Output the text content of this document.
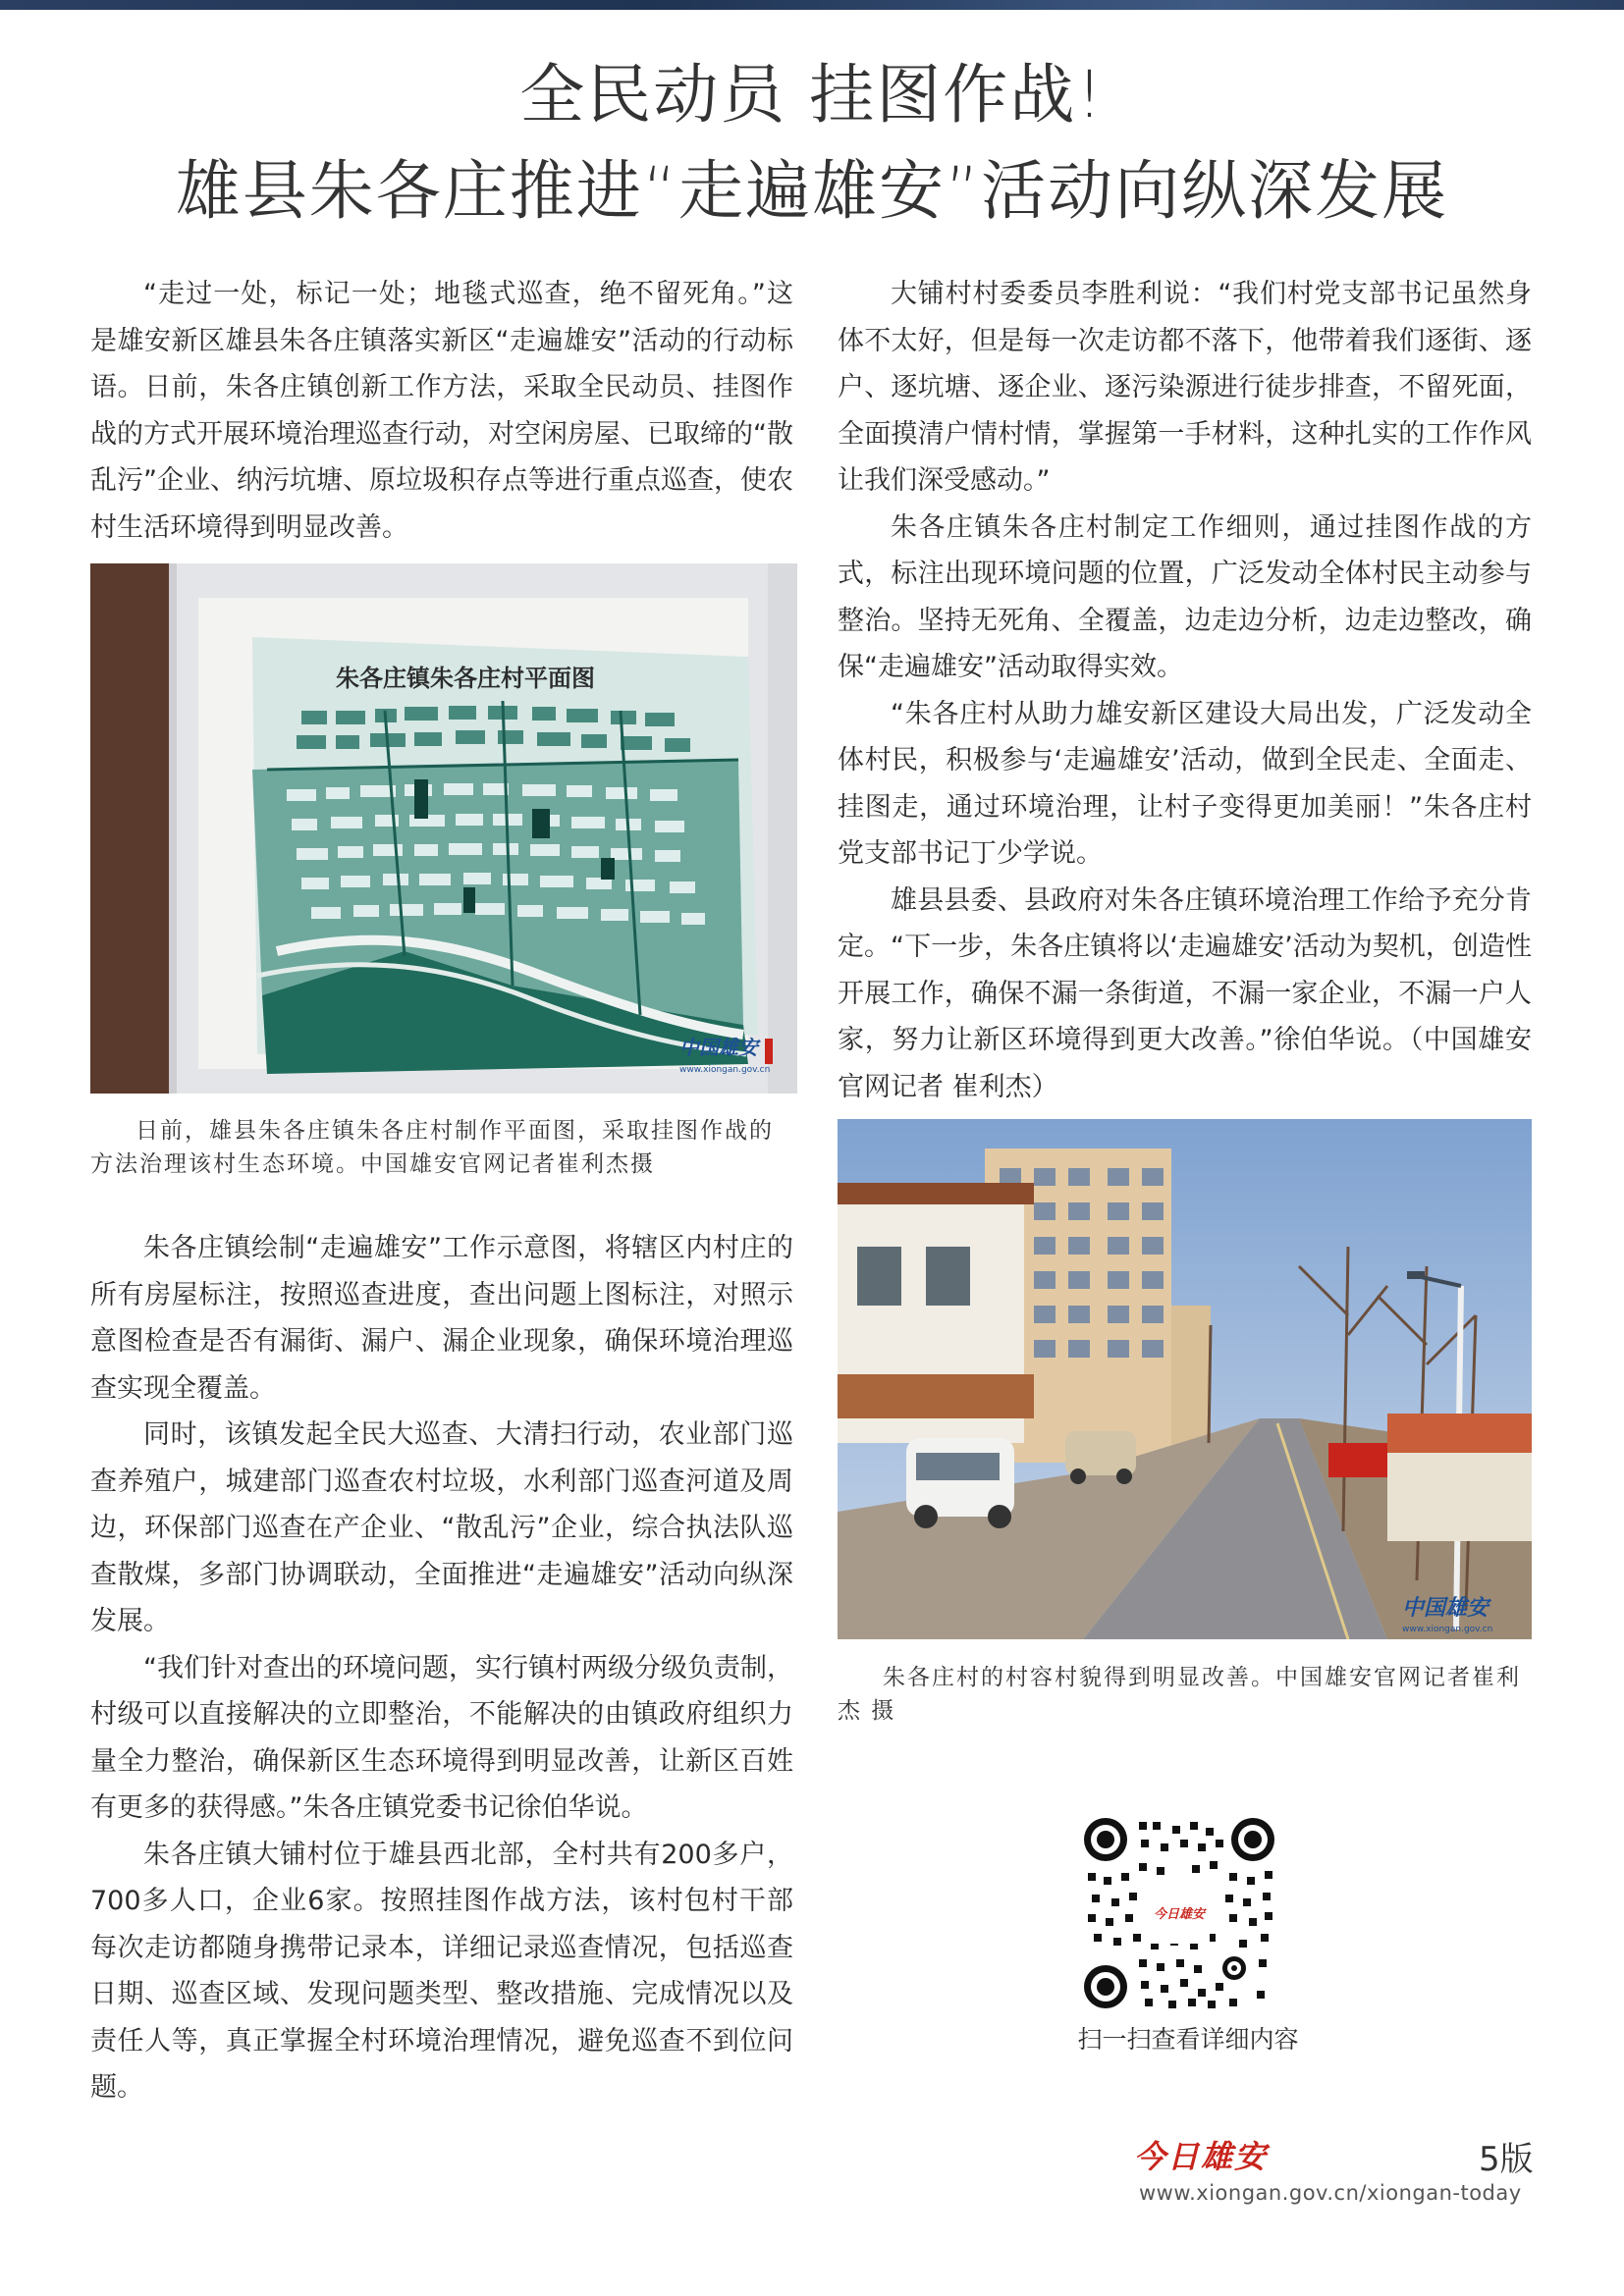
全民动员 挂图作战!
雄县朱各庄推进“走遍雄安”活动向纵深发展

“走过一处，标记一处；地毯式巡查，绝不留死角。”这是雄安新区雄县朱各庄镇落实新区“走遍雄安”活动的行动标语。日前，朱各庄镇创新工作方法，采取全民动员、挂图作战的方式开展环境治理巡查行动，对空闲房屋、已取缔的“散乱污”企业、纳污坑塘、原垃圾积存点等进行重点巡查，使农村生活环境得到明显改善。

朱各庄镇朱各庄村平面图
中国雄安
www.xiongan.gov.cn
日前，雄县朱各庄镇朱各庄村制作平面图，采取挂图作战的方法治理该村生态环境。中国雄安官网记者崔利杰摄

朱各庄镇绘制“走遍雄安”工作示意图，将辖区内村庄的所有房屋标注，按照巡查进度，查出问题上图标注，对照示意图检查是否有漏街、漏户、漏企业现象，确保环境治理巡查实现全覆盖。

同时，该镇发起全民大巡查、大清扫行动，农业部门巡查养殖户，城建部门巡查农村垃圾，水利部门巡查河道及周边，环保部门巡查在产企业、“散乱污”企业，综合执法队巡查散煤，多部门协调联动，全面推进“走遍雄安”活动向纵深发展。

“我们针对查出的环境问题，实行镇村两级分级负责制，村级可以直接解决的立即整治，不能解决的由镇政府组织力量全力整治，确保新区生态环境得到明显改善，让新区百姓有更多的获得感。”朱各庄镇党委书记徐伯华说。

朱各庄镇大铺村位于雄县西北部，全村共有200多户，700多人口，企业6家。按照挂图作战方法，该村包村干部每次走访都随身携带记录本，详细记录巡查情况，包括巡查日期、巡查区域、发现问题类型、整改措施、完成情况以及责任人等，真正掌握全村环境治理情况，避免巡查不到位问题。

大铺村村委委员李胜利说：“我们村党支部书记虽然身体不太好，但是每一次走访都不落下，他带着我们逐街、逐户、逐坑塘、逐企业、逐污染源进行徒步排查，不留死面，全面摸清户情村情，掌握第一手材料，这种扎实的工作作风让我们深受感动。”

朱各庄镇朱各庄村制定工作细则，通过挂图作战的方式，标注出现环境问题的位置，广泛发动全体村民主动参与整治。坚持无死角、全覆盖，边走边分析，边走边整改，确保“走遍雄安”活动取得实效。

“朱各庄村从助力雄安新区建设大局出发，广泛发动全体村民，积极参与‘走遍雄安’活动，做到全民走、全面走、挂图走，通过环境治理，让村子变得更加美丽！”朱各庄村党支部书记丁少学说。

雄县县委、县政府对朱各庄镇环境治理工作给予充分肯定。“下一步，朱各庄镇将以‘走遍雄安’活动为契机，创造性开展工作，确保不漏一条街道，不漏一家企业，不漏一户人家，努力让新区环境得到更大改善。”徐伯华说。（中国雄安官网记者 崔利杰）

中国雄安
www.xiongan.gov.cn
朱各庄村的村容村貌得到明显改善。中国雄安官网记者崔利杰 摄
今日雄安
扫一扫查看详细内容
今日雄安	5版
www.xiongan.gov.cn/xiongan-today
